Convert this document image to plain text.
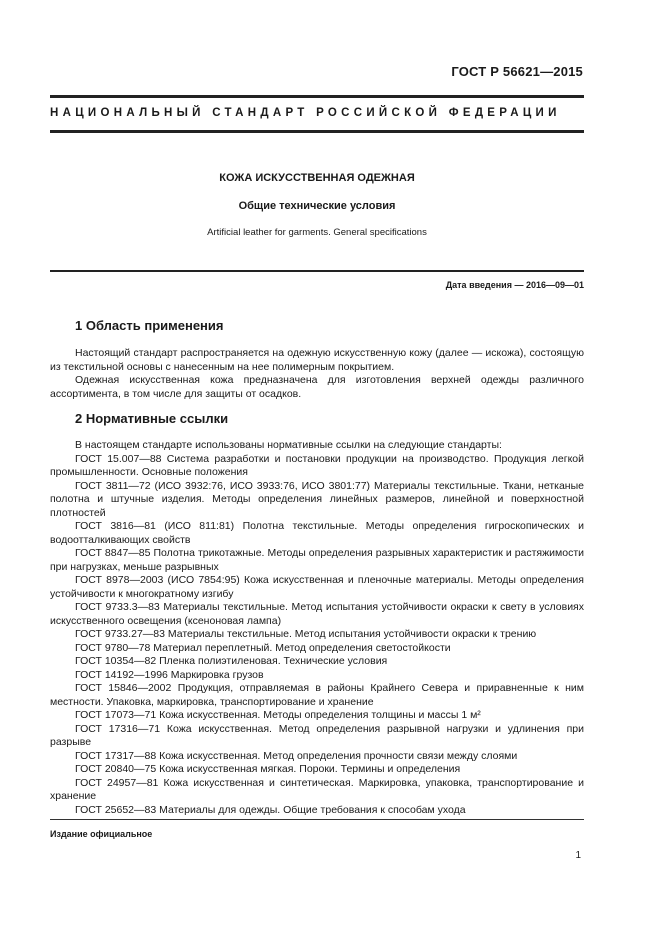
ГОСТ Р 56621—2015
НАЦИОНАЛЬНЫЙ СТАНДАРТ РОССИЙСКОЙ ФЕДЕРАЦИИ
КОЖА ИСКУССТВЕННАЯ ОДЕЖНАЯ
Общие технические условия
Artificial leather for garments. General specifications
Дата введения — 2016—09—01
1 Область применения

Настоящий стандарт распространяется на одежную искусственную кожу (далее — искожа), состоящую из текстильной основы с нанесенным на нее полимерным покрытием.

Одежная искусственная кожа предназначена для изготовления верхней одежды различного ассортимента, в том числе для защиты от осадков.

2 Нормативные ссылки

В настоящем стандарте использованы нормативные ссылки на следующие стандарты:

ГОСТ 15.007—88 Система разработки и постановки продукции на производство. Продукция легкой промышленности. Основные положения

ГОСТ 3811—72 (ИСО 3932:76, ИСО 3933:76, ИСО 3801:77) Материалы текстильные. Ткани, нетканые полотна и штучные изделия. Методы определения линейных размеров, линейной и поверхностной плотностей

ГОСТ 3816—81 (ИСО 811:81) Полотна текстильные. Методы определения гигроскопических и водоотталкивающих свойств

ГОСТ 8847—85 Полотна трикотажные. Методы определения разрывных характеристик и растяжимости при нагрузках, меньше разрывных

ГОСТ 8978—2003 (ИСО 7854:95) Кожа искусственная и пленочные материалы. Методы определения устойчивости к многократному изгибу

ГОСТ 9733.3—83 Материалы текстильные. Метод испытания устойчивости окраски к свету в условиях искусственного освещения (ксеноновая лампа)

ГОСТ 9733.27—83 Материалы текстильные. Метод испытания устойчивости окраски к трению

ГОСТ 9780—78 Материал переплетный. Метод определения светостойкости

ГОСТ 10354—82 Пленка полиэтиленовая. Технические условия

ГОСТ 14192—1996 Маркировка грузов

ГОСТ 15846—2002 Продукция, отправляемая в районы Крайнего Севера и приравненные к ним местности. Упаковка, маркировка, транспортирование и хранение

ГОСТ 17073—71 Кожа искусственная. Методы определения толщины и массы 1 м²

ГОСТ 17316—71 Кожа искусственная. Метод определения разрывной нагрузки и удлинения при разрыве

ГОСТ 17317—88 Кожа искусственная. Метод определения прочности связи между слоями

ГОСТ 20840—75 Кожа искусственная мягкая. Пороки. Термины и определения

ГОСТ 24957—81 Кожа искусственная и синтетическая. Маркировка, упаковка, транспортирование и хранение

ГОСТ 25652—83 Материалы для одежды. Общие требования к способам ухода

Издание официальное
1
